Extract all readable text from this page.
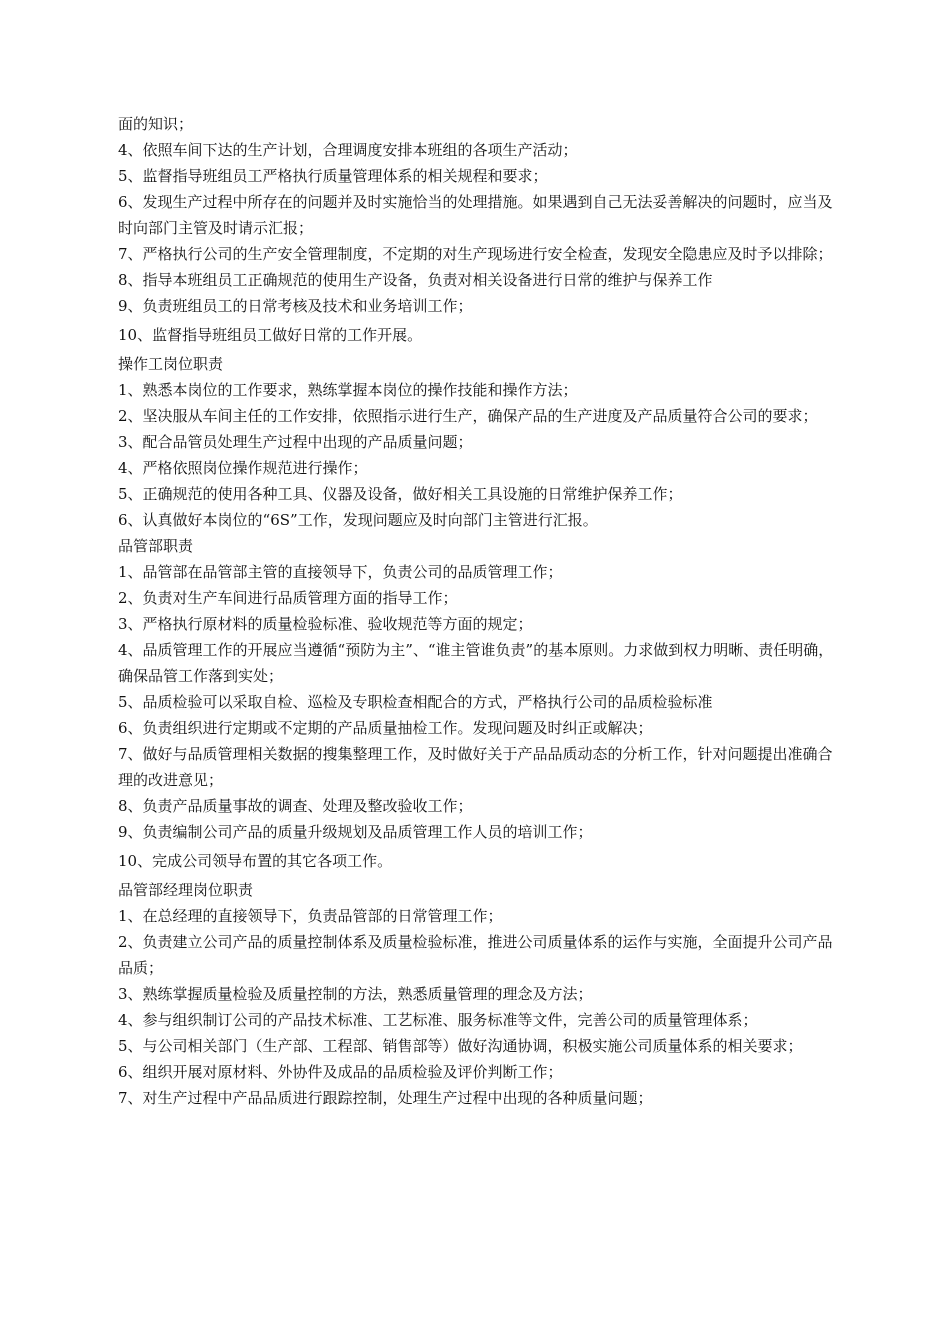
面的知识；

4、依照车间下达的生产计划，合理调度安排本班组的各项生产活动；

5、监督指导班组员工严格执行质量管理体系的相关规程和要求；

6、发现生产过程中所存在的问题并及时实施恰当的处理措施。如果遇到自己无法妥善解决的问题时，应当及时向部门主管及时请示汇报；

7、严格执行公司的生产安全管理制度，不定期的对生产现场进行安全检查，发现安全隐患应及时予以排除；

8、指导本班组员工正确规范的使用生产设备，负责对相关设备进行日常的维护与保养工作

9、负责班组员工的日常考核及技术和业务培训工作；

10、监督指导班组员工做好日常的工作开展。

操作工岗位职责

1、熟悉本岗位的工作要求，熟练掌握本岗位的操作技能和操作方法；

2、坚决服从车间主任的工作安排，依照指示进行生产，确保产品的生产进度及产品质量符合公司的要求；

3、配合品管员处理生产过程中出现的产品质量问题；

4、严格依照岗位操作规范进行操作；

5、正确规范的使用各种工具、仪器及设备，做好相关工具设施的日常维护保养工作；

6、认真做好本岗位的“6S”工作，发现问题应及时向部门主管进行汇报。

品管部职责

1、品管部在品管部主管的直接领导下，负责公司的品质管理工作；

2、负责对生产车间进行品质管理方面的指导工作；

3、严格执行原材料的质量检验标准、验收规范等方面的规定；

4、品质管理工作的开展应当遵循“预防为主”、“谁主管谁负责”的基本原则。力求做到权力明晰、责任明确，确保品管工作落到实处；

5、品质检验可以采取自检、巡检及专职检查相配合的方式，严格执行公司的品质检验标准

6、负责组织进行定期或不定期的产品质量抽检工作。发现问题及时纠正或解决；

7、做好与品质管理相关数据的搜集整理工作，及时做好关于产品品质动态的分析工作，针对问题提出准确合理的改进意见；

8、负责产品质量事故的调查、处理及整改验收工作；

9、负责编制公司产品的质量升级规划及品质管理工作人员的培训工作；

10、完成公司领导布置的其它各项工作。

品管部经理岗位职责

1、在总经理的直接领导下，负责品管部的日常管理工作；

2、负责建立公司产品的质量控制体系及质量检验标准，推进公司质量体系的运作与实施，全面提升公司产品品质；

3、熟练掌握质量检验及质量控制的方法，熟悉质量管理的理念及方法；

4、参与组织制订公司的产品技术标准、工艺标准、服务标准等文件，完善公司的质量管理体系；

5、与公司相关部门（生产部、工程部、销售部等）做好沟通协调，积极实施公司质量体系的相关要求；

6、组织开展对原材料、外协件及成品的品质检验及评价判断工作；

7、对生产过程中产品品质进行跟踪控制，处理生产过程中出现的各种质量问题；
